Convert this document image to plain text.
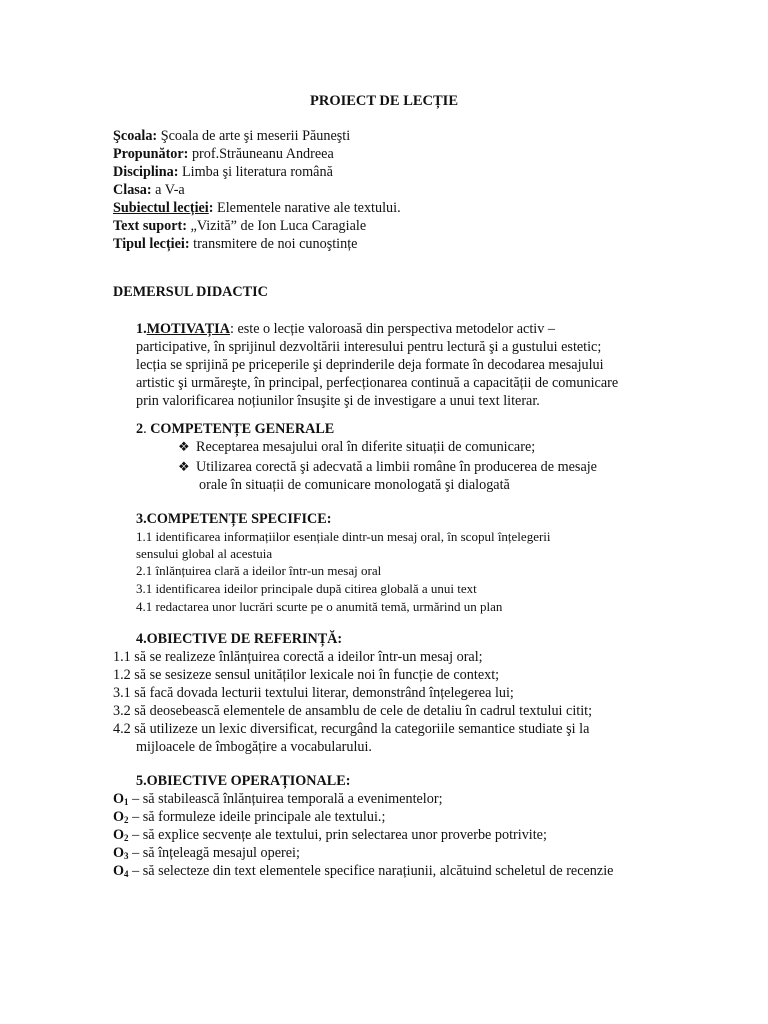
PROIECT DE LECȚIE
Şcoala: Şcoala de arte şi meserii Păuneşti
Propunător: prof.Străuneanu Andreea
Disciplina: Limba şi literatura română
Clasa: a V-a
Subiectul lecției: Elementele narative ale textului.
Text suport: „Vizită” de Ion Luca Caragiale
Tipul lecției: transmitere de noi cunoştințe
DEMERSUL DIDACTIC
1.MOTIVAȚIA: este o lecție valoroasă din perspectiva metodelor activ –
participative, în sprijinul dezvoltării interesului pentru lectură şi a gustului estetic;
lecția se sprijină pe priceperile şi deprinderile deja formate în decodarea mesajului
artistic şi urmăreşte, în principal, perfecționarea continuă a capacității de comunicare
prin valorificarea noțiunilor însuşite şi de investigare a unui text literar.
2. COMPETENȚE GENERALE
❖ Receptarea mesajului oral în diferite situații de comunicare;
❖ Utilizarea corectă şi adecvată a limbii române în producerea de mesaje
orale în situații de comunicare monologată şi dialogată
3.COMPETENȚE SPECIFICE:
1.1 identificarea informațiilor esențiale dintr-un mesaj oral, în scopul înțelegerii
sensului global al acestuia
2.1 înlănțuirea clară a ideilor într-un mesaj oral
3.1 identificarea ideilor principale după citirea globală a unui text
4.1 redactarea unor lucrări scurte pe o anumită temă, urmărind un plan
4.OBIECTIVE DE REFERINȚĂ:
1.1 să se realizeze înlănțuirea corectă a ideilor într-un mesaj oral;
1.2 să se sesizeze sensul unităților lexicale noi în funcție de context;
3.1 să facă dovada lecturii textului literar, demonstrând înțelegerea lui;
3.2 să deosebească elementele de ansamblu de cele de detaliu în cadrul textului citit;
4.2 să utilizeze un lexic diversificat, recurgând la categoriile semantice studiate şi la
mijloacele de îmbogățire a vocabularului.
5.OBIECTIVE OPERAȚIONALE:
O1 – să stabilească înlănțuirea temporală a evenimentelor;
O2 – să formuleze ideile principale ale textului.;
O2 – să explice secvențe ale textului, prin selectarea unor proverbe potrivite;
O3 – să înțeleagă mesajul operei;
O4 – să selecteze din text elementele specifice narațiunii, alcătuind scheletul de recenzie
